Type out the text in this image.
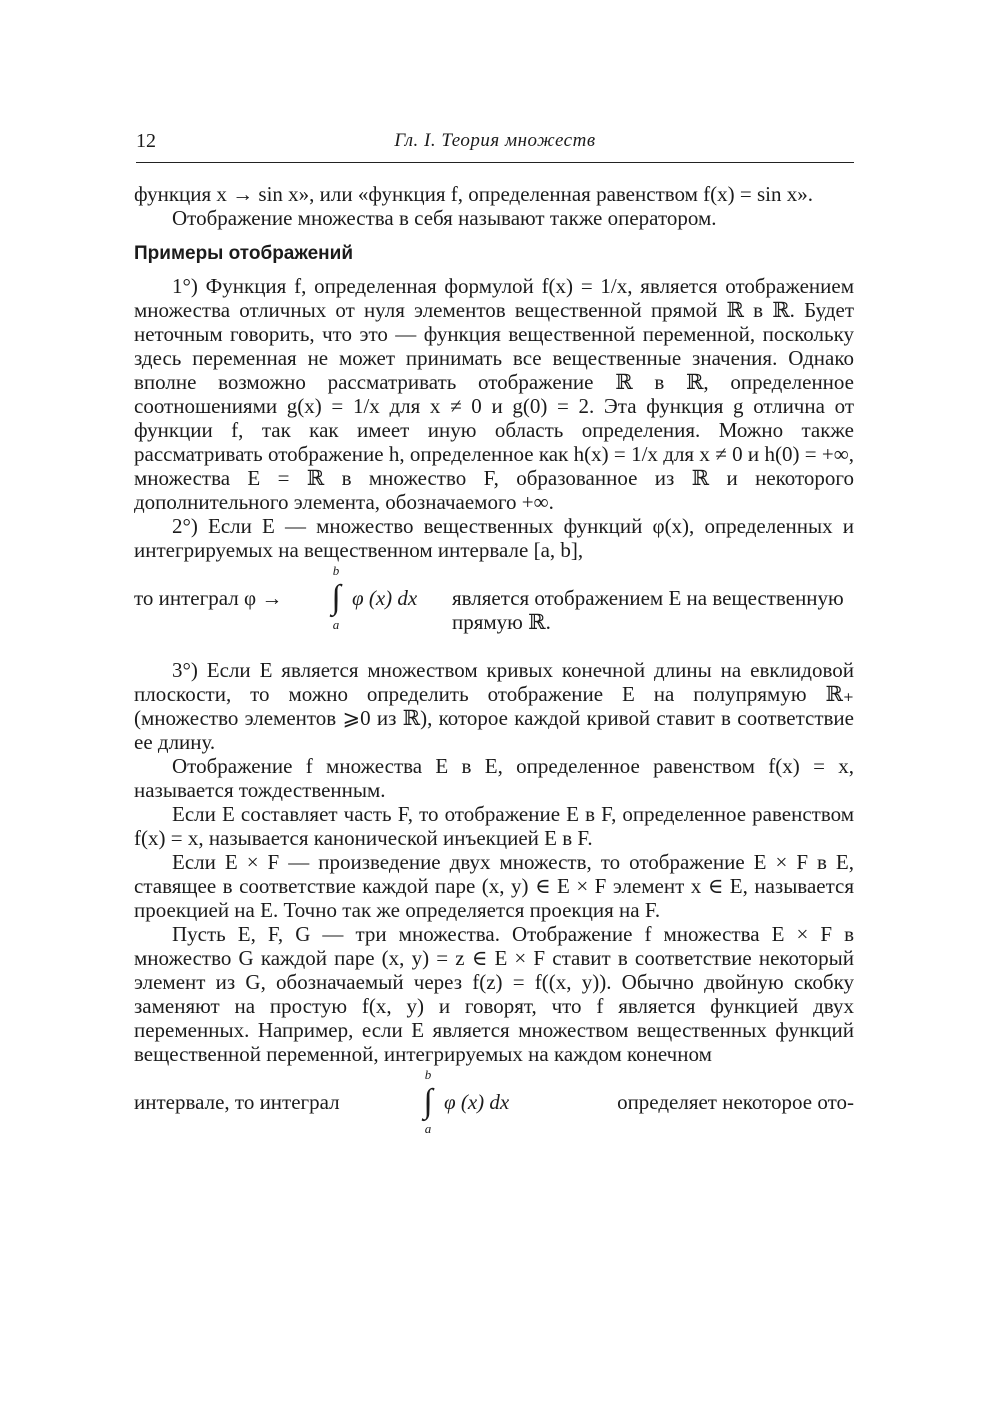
12	Гл. I. Теория множеств

функция x → sin x», или «функция f, определенная равенством f(x) = sin x».

Отображение множества в себя называют также оператором.

Примеры отображений

1°) Функция f, определенная формулой f(x) = 1/x, является отображением множества отличных от нуля элементов вещественной прямой ℝ в ℝ. Будет неточным говорить, что это — функция вещественной переменной, поскольку здесь переменная не может принимать все вещественные значения. Однако вполне возможно рассматривать отображение ℝ в ℝ, определенное соотношениями g(x) = 1/x для x ≠ 0 и g(0) = 2. Эта функция g отлична от функции f, так как имеет иную область определения. Можно также рассматривать отображение h, определенное как h(x) = 1/x для x ≠ 0 и h(0) = +∞, множества E = ℝ в множество F, образованное из ℝ и некоторого дополнительного элемента, обозначаемого +∞.

2°) Если E — множество вещественных функций φ(x), определенных и интегрируемых на вещественном интервале [a, b],

то интеграл φ →
b
∫
a
φ (x) dx является отображением E на вещественную прямую ℝ.

3°) Если E является множеством кривых конечной длины на евклидовой плоскости, то можно определить отображение E на полупрямую ℝ₊ (множество элементов ⩾0 из ℝ), которое каждой кривой ставит в соответствие ее длину.

Отображение f множества E в E, определенное равенством f(x) = x, называется тождественным.

Если E составляет часть F, то отображение E в F, определенное равенством f(x) = x, называется канонической инъекцией E в F.

Если E × F — произведение двух множеств, то отображение E × F в E, ставящее в соответствие каждой паре (x, y) ∈ E × F элемент x ∈ E, называется проекцией на E. Точно так же определяется проекция на F.

Пусть E, F, G — три множества. Отображение f множества E × F в множество G каждой паре (x, y) = z ∈ E × F ставит в соответствие некоторый элемент из G, обозначаемый через f(z) = f((x, y)). Обычно двойную скобку заменяют на простую f(x, y) и говорят, что f является функцией двух переменных. Например, если E является множеством вещественных функций вещественной переменной, интегрируемых на каждом конечном

интервале, то интеграл
b
∫
a
φ (x) dx	определяет некоторое ото-
